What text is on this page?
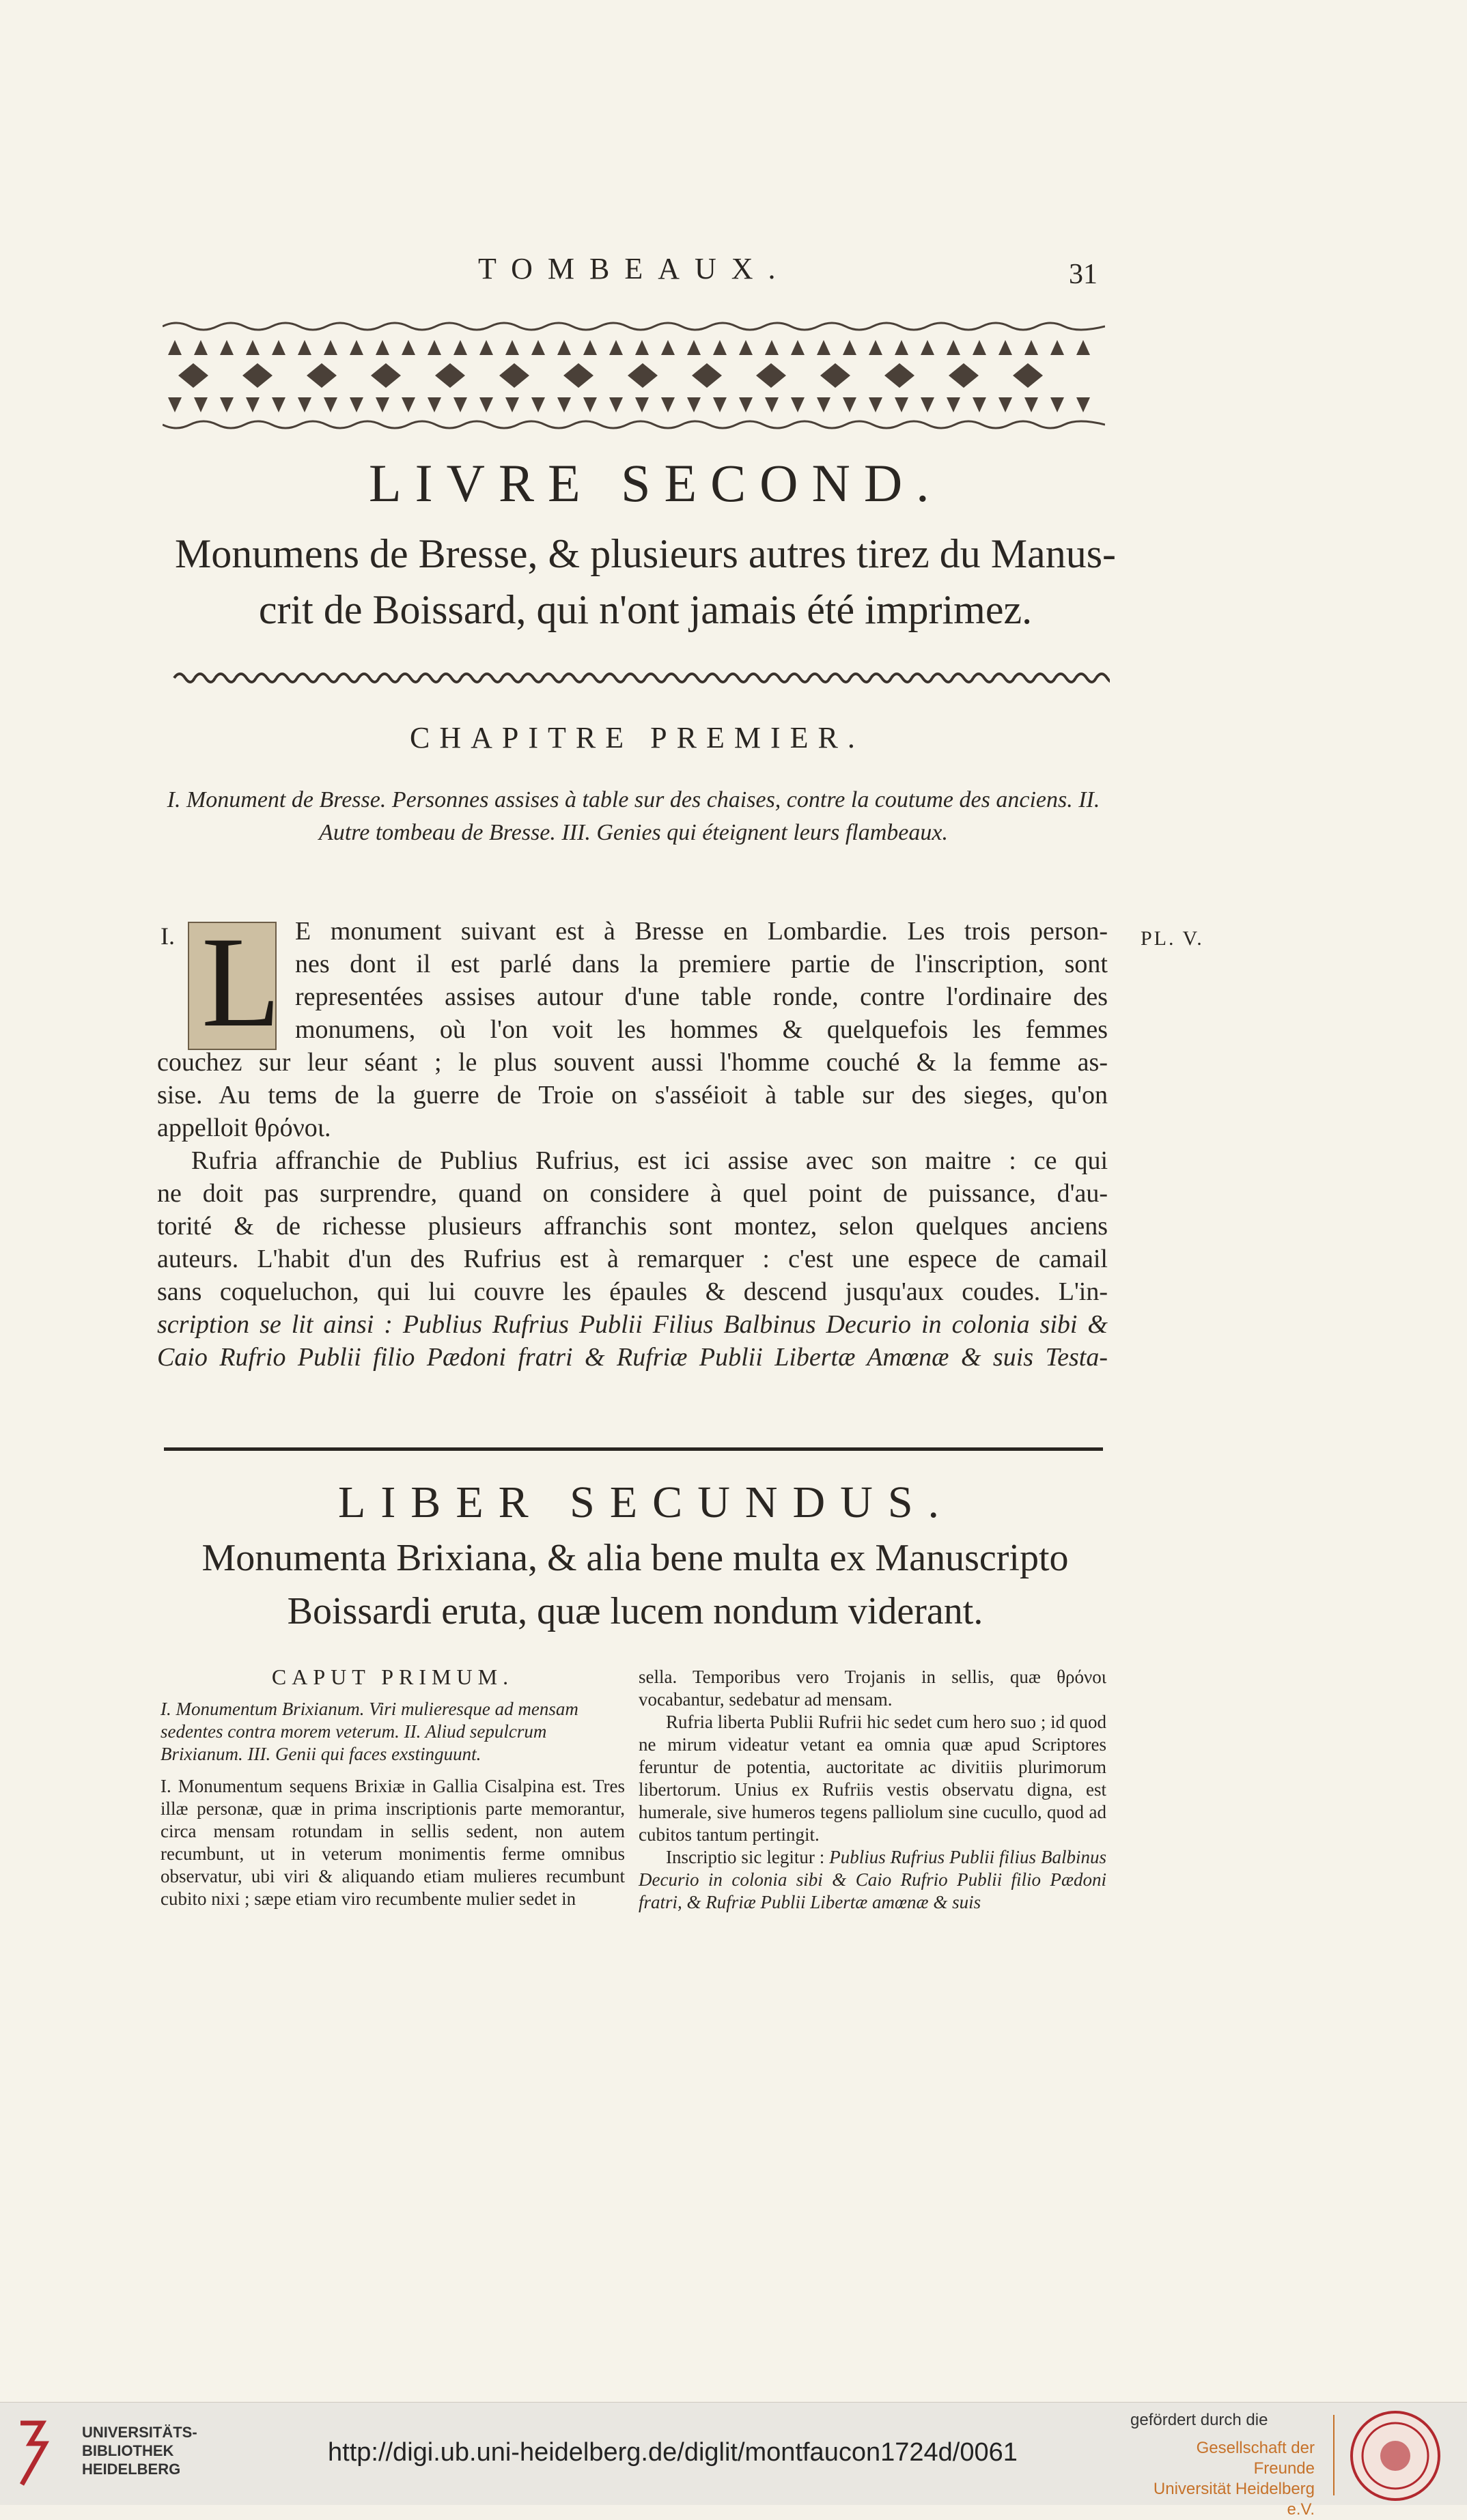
TOMBEAUX.	31
LIVRE SECOND.
Monumens de Bresse, & plusieurs autres tirez du Manus-
crit de Boissard, qui n'ont jamais été imprimez.
CHAPITRE PREMIER.
I. Monument de Bresse. Personnes assises à table sur des chaises, contre la coutume des anciens. II. Autre tombeau de Bresse. III. Genies qui éteignent leurs flambeaux.
PL. V.
I. L E monument suivant est à Bresse en Lombardie. Les trois person-
nes dont il est parlé dans la premiere partie de l'inscription, sont
representées assises autour d'une table ronde, contre l'ordinaire des
monumens, où l'on voit les hommes & quelquefois les femmes
couchez sur leur séant ; le plus souvent aussi l'homme couché & la femme as-
sise. Au tems de la guerre de Troie on s'asséioit à table sur des sieges, qu'on
appelloit θρόνοι.
Rufria affranchie de Publius Rufrius, est ici assise avec son maitre : ce qui
ne doit pas surprendre, quand on considere à quel point de puissance, d'au-
torité & de richesse plusieurs affranchis sont montez, selon quelques anciens
auteurs. L'habit d'un des Rufrius est à remarquer : c'est une espece de camail
sans coqueluchon, qui lui couvre les épaules & descend jusqu'aux coudes. L'in-
scription se lit ainsi : Publius Rufrius Publii Filius Balbinus Decurio in colonia sibi &
Caio Rufrio Publii filio Pædoni fratri & Rufriæ Publii Libertæ Amœnæ & suis Testa-
LIBER SECUNDUS.
Monumenta Brixiana, & alia bene multa ex Manuscripto
Boissardi eruta, quæ lucem nondum viderant.
CAPUT PRIMUM.
I. Monumentum Brixianum. Viri mulieresque ad mensam sedentes contra morem veterum. II. Aliud sepulcrum Brixianum. III. Genii qui faces exstinguunt.
I. Monumentum sequens Brixiæ in Gallia Cisalpina est. Tres illæ personæ, quæ in prima inscriptionis parte memorantur, circa mensam rotundam in sellis sedent, non autem recumbunt, ut in veterum monimentis ferme omnibus observatur, ubi viri & aliquando etiam mulieres recumbunt cubito nixi ; sæpe etiam viro recumbente mulier sedet in
sella. Temporibus vero Trojanis in sellis, quæ θρόνοι vocabantur, sedebatur ad mensam.
Rufria liberta Publii Rufrii hic sedet cum hero suo ; id quod ne mirum videatur vetant ea omnia quæ apud Scriptores feruntur de potentia, auctoritate ac divitiis plurimorum libertorum. Unius ex Rufriis vestis observatu digna, est humerale, sive humeros tegens palliolum sine cucullo, quod ad cubitos tantum pertingit.
Inscriptio sic legitur : Publius Rufrius Publii filius Balbinus Decurio in colonia sibi & Caio Rufrio Publii filio Pædoni fratri, & Rufriæ Publii Libertæ amœnæ & suis
UNIVERSITÄTS-
BIBLIOTHEK
HEIDELBERG
http://digi.ub.uni-heidelberg.de/diglit/montfaucon1724d/0061
gefördert durch die
Gesellschaft der Freunde
Universität Heidelberg e.V.
